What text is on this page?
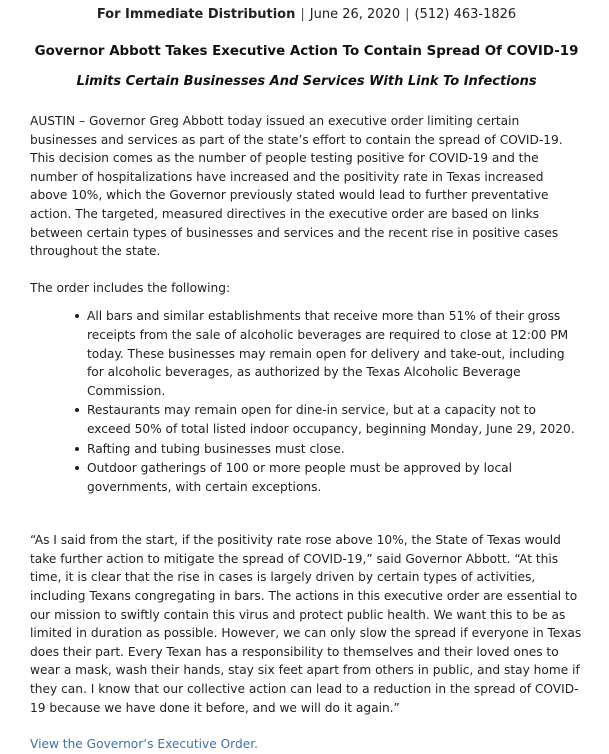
For Immediate Distribution | June 26, 2020 | (512) 463-1826
Governor Abbott Takes Executive Action To Contain Spread Of COVID-19
Limits Certain Businesses And Services With Link To Infections

AUSTIN – Governor Greg Abbott today issued an executive order limiting certain businesses and services as part of the state’s effort to contain the spread of COVID-19. This decision comes as the number of people testing positive for COVID-19 and the number of hospitalizations have increased and the positivity rate in Texas increased above 10%, which the Governor previously stated would lead to further preventative action. The targeted, measured directives in the executive order are based on links between certain types of businesses and services and the recent rise in positive cases throughout the state.

The order includes the following:

All bars and similar establishments that receive more than 51% of their gross receipts from the sale of alcoholic beverages are required to close at 12:00 PM today. These businesses may remain open for delivery and take-out, including for alcoholic beverages, as authorized by the Texas Alcoholic Beverage Commission.
Restaurants may remain open for dine-in service, but at a capacity not to exceed 50% of total listed indoor occupancy, beginning Monday, June 29, 2020.
Rafting and tubing businesses must close.
Outdoor gatherings of 100 or more people must be approved by local governments, with certain exceptions.

“As I said from the start, if the positivity rate rose above 10%, the State of Texas would take further action to mitigate the spread of COVID-19,” said Governor Abbott. “At this time, it is clear that the rise in cases is largely driven by certain types of activities, including Texans congregating in bars. The actions in this executive order are essential to our mission to swiftly contain this virus and protect public health. We want this to be as limited in duration as possible. However, we can only slow the spread if everyone in Texas does their part. Every Texan has a responsibility to themselves and their loved ones to wear a mask, wash their hands, stay six feet apart from others in public, and stay home if they can. I know that our collective action can lead to a reduction in the spread of COVID-19 because we have done it before, and we will do it again.”

View the Governor’s Executive Order.
